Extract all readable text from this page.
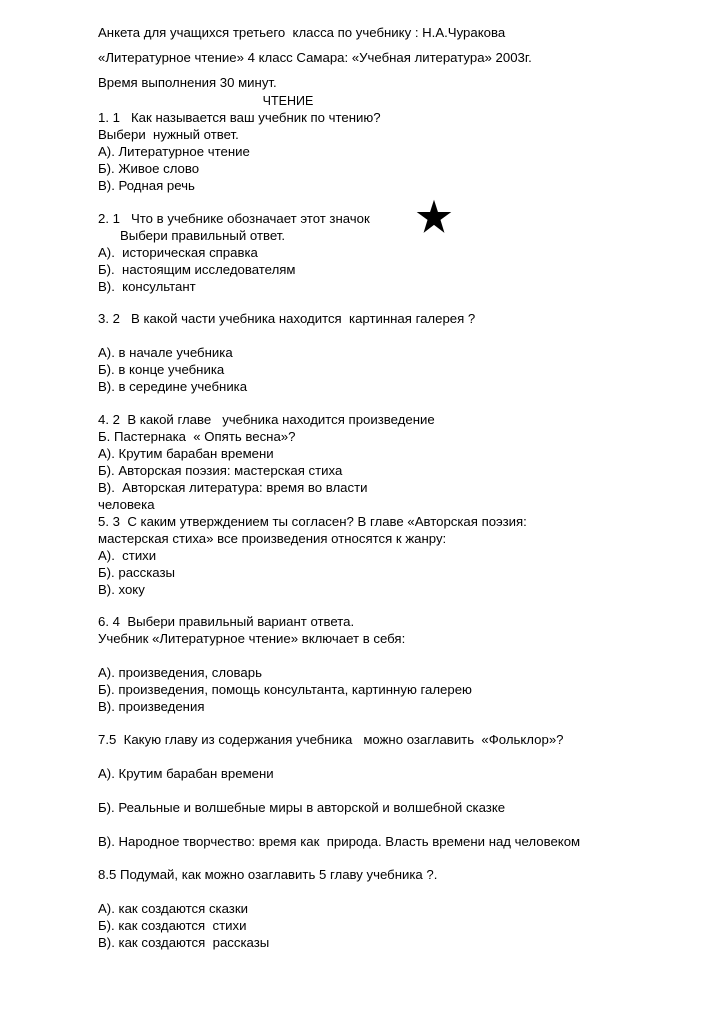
Анкета для учащихся третьего  класса по учебнику : Н.А.Чуракова
«Литературное чтение» 4 класс Самара: «Учебная литература» 2003г.
Время выполнения 30 минут.
ЧТЕНИЕ
1. 1   Как называется ваш учебник по чтению?
Выбери  нужный ответ.
А). Литературное чтение
Б). Живое слово
В). Родная речь
2. 1   Что в учебнике обозначает этот значок
Выбери правильный ответ.
А).  историческая справка
Б).  настоящим исследователям
В).  консультант
3. 2   В какой части учебника находится  картинная галерея ?
А). в начале учебника
Б). в конце учебника
В). в середине учебника
4. 2  В какой главе   учебника находится произведение
Б. Пастернака  « Опять весна»?
А). Крутим барабан времени
Б). Авторская поэзия: мастерская стиха
В).  Авторская литература: время во власти
человека
5. 3  С каким утверждением ты согласен? В главе «Авторская поэзия:
мастерская стиха» все произведения относятся к жанру:
А).  стихи
Б). рассказы
В). хоку
6. 4  Выбери правильный вариант ответа.
Учебник «Литературное чтение» включает в себя:
А). произведения, словарь
Б). произведения, помощь консультанта, картинную галерею
В). произведения
7.5  Какую главу из содержания учебника   можно озаглавить  «Фольклор»?
А). Крутим барабан времени
Б). Реальные и волшебные миры в авторской и волшебной сказке
В). Народное творчество: время как  природа. Власть времени над человеком
8.5 Подумай, как можно озаглавить 5 главу учебника ?.
А). как создаются сказки
Б). как создаются  стихи
В). как создаются  рассказы
